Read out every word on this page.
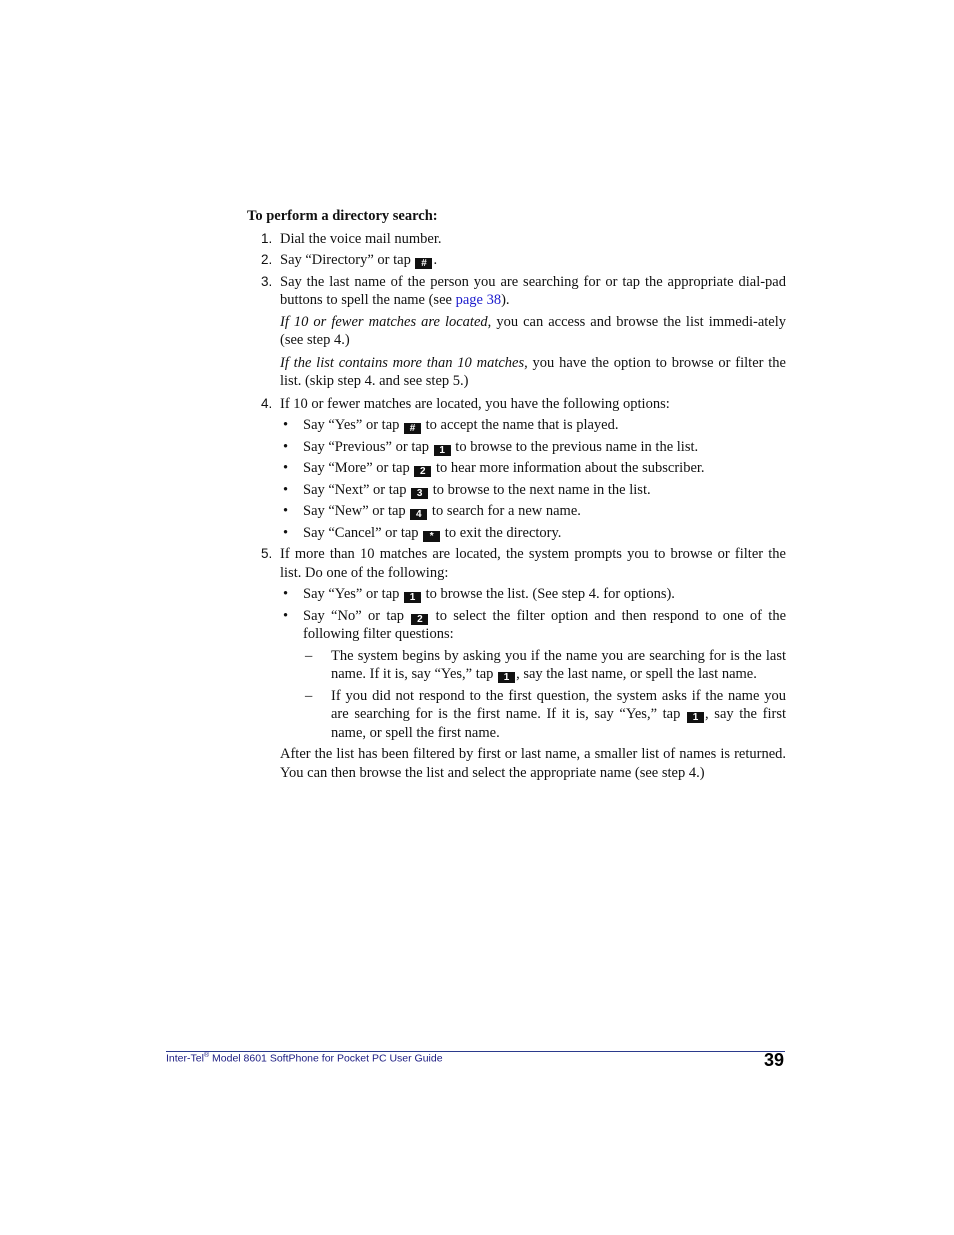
To perform a directory search:

1. Dial the voice mail number.
2. Say “Directory” or tap # .
3. Say the last name of the person you are searching for or tap the appropriate dial-pad buttons to spell the name (see page 38).

If 10 or fewer matches are located, you can access and browse the list immedi-ately (see step 4.)

If the list contains more than 10 matches, you have the option to browse or filter the list. (skip step 4. and see step 5.)

4. If 10 or fewer matches are located, you have the following options:
• Say “Yes” or tap # to accept the name that is played.
• Say “Previous” or tap 1 to browse to the previous name in the list.
• Say “More” or tap 2 to hear more information about the subscriber.
• Say “Next” or tap 3 to browse to the next name in the list.
• Say “New” or tap 4 to search for a new name.
• Say “Cancel” or tap * to exit the directory.
5. If more than 10 matches are located, the system prompts you to browse or filter the list. Do one of the following:
• Say “Yes” or tap 1 to browse the list. (See step 4. for options).
• Say “No” or tap 2 to select the filter option and then respond to one of the following filter questions:
– The system begins by asking you if the name you are searching for is the last name. If it is, say “Yes,” tap 1 , say the last name, or spell the last name.
– If you did not respond to the first question, the system asks if the name you are searching for is the first name. If it is, say “Yes,” tap 1 , say the first name, or spell the first name.

After the list has been filtered by first or last name, a smaller list of names is returned. You can then browse the list and select the appropriate name (see step 4.)

Inter-Tel® Model 8601 SoftPhone for Pocket PC User Guide	39
